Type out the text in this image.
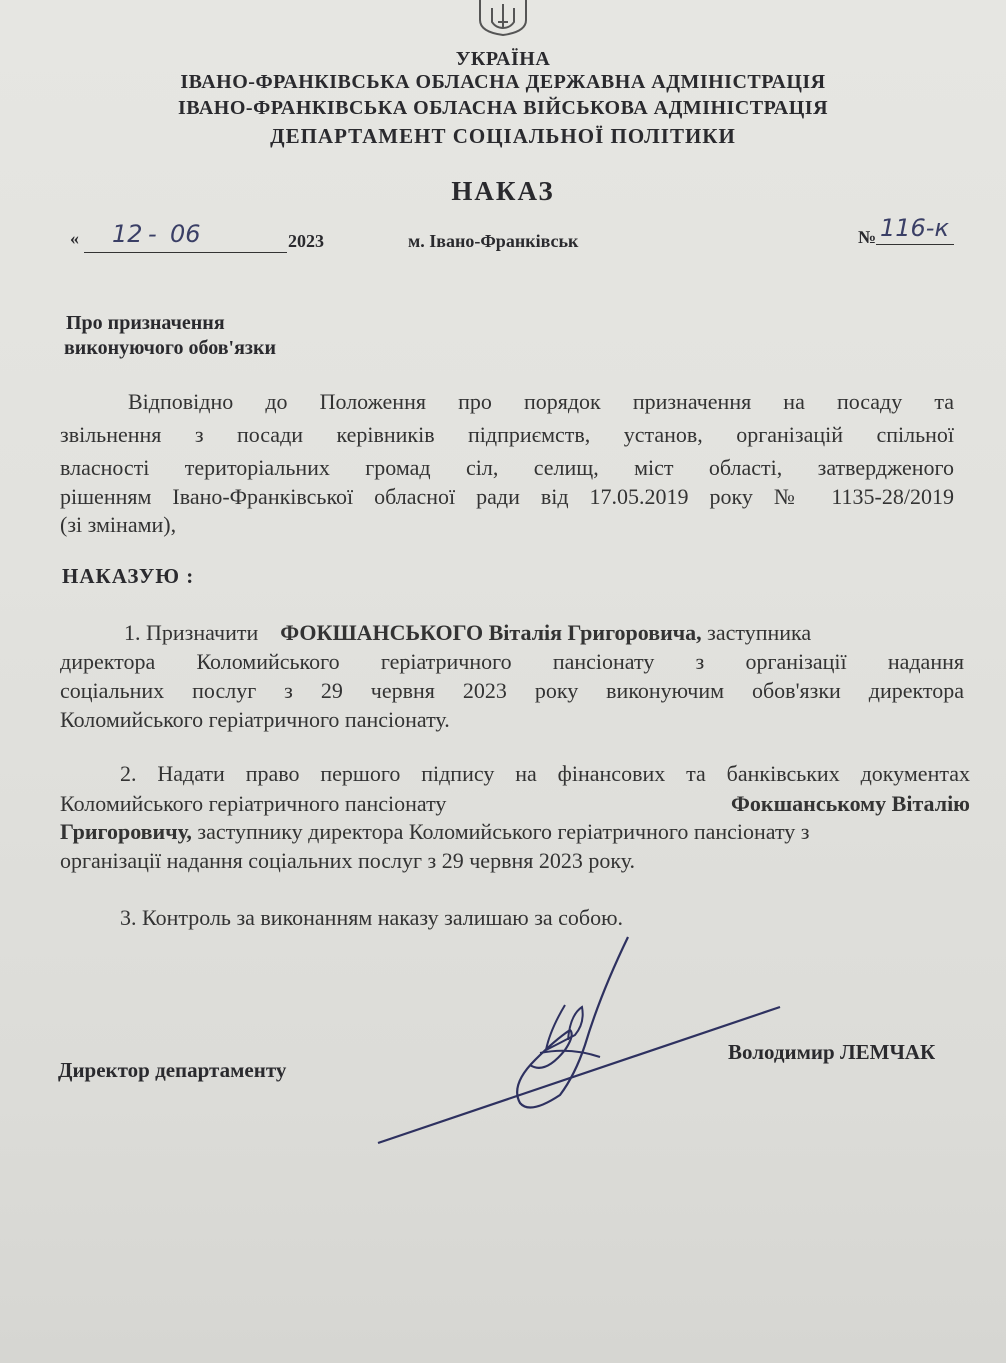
УКРАЇНА
ІВАНО-ФРАНКІВСЬКА ОБЛАСНА ДЕРЖАВНА АДМІНІСТРАЦІЯ
ІВАНО-ФРАНКІВСЬКА ОБЛАСНА ВІЙСЬКОВА АДМІНІСТРАЦІЯ
ДЕПАРТАМЕНТ СОЦІАЛЬНОЇ ПОЛІТИКИ
НАКАЗ
« 12 - 06	2023	м. Івано-Франківськ	№ 116-к
Про призначення
виконуючого обов'язки
Відповідно до Положення про порядок призначення на посаду та
звільнення з посади керівників підприємств, установ, організацій спільної
власності територіальних громад сіл, селищ, міст області, затвердженого
рішенням Івано-Франківської обласної ради від 17.05.2019 року № 1135-28/2019
(зі змінами),
НАКАЗУЮ :
1. Призначити ФОКШАНСЬКОГО Віталія Григоровича, заступника
директора Коломийського геріатричного пансіонату з організації надання
соціальних послуг з 29 червня 2023 року виконуючим обов'язки директора
Коломийського геріатричного пансіонату.
2. Надати право першого підпису на фінансових та банківських документах
Коломийського геріатричного пансіонату	Фокшанському Віталію
Григоровичу, заступнику директора Коломийського геріатричного пансіонату з
організації надання соціальних послуг з 29 червня 2023 року.
3. Контроль за виконанням наказу залишаю за собою.
Директор департаменту
Володимир ЛЕМЧАК
